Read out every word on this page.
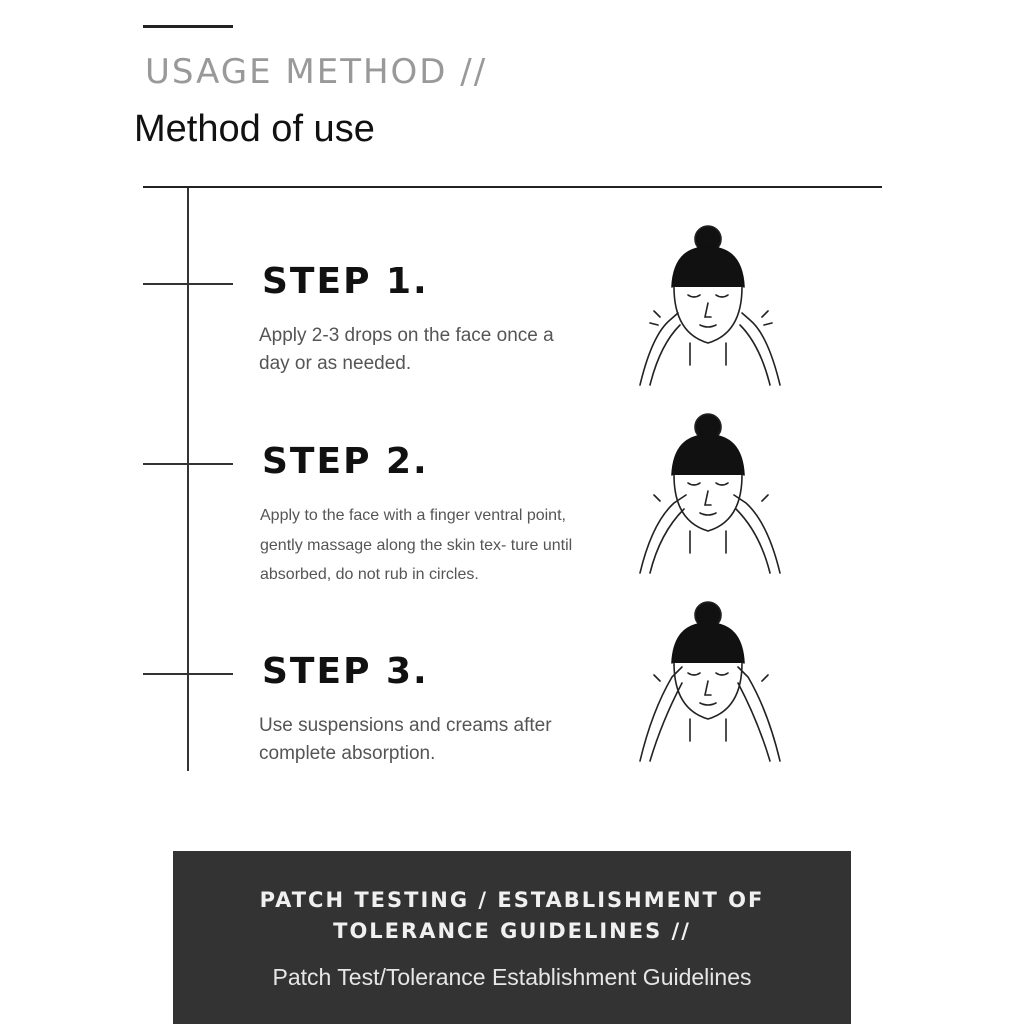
USAGE METHOD //
Method of use
STEP 1.
Apply 2-3 drops on the face once a day or as needed.
STEP 2.
Apply to the face with a finger ventral point, gently massage along the skin tex- ture until absorbed, do not rub in circles.
STEP 3.
Use suspensions and creams after complete absorption.
PATCH TESTING / ESTABLISHMENT OF TOLERANCE GUIDELINES //
Patch Test/Tolerance Establishment Guidelines
